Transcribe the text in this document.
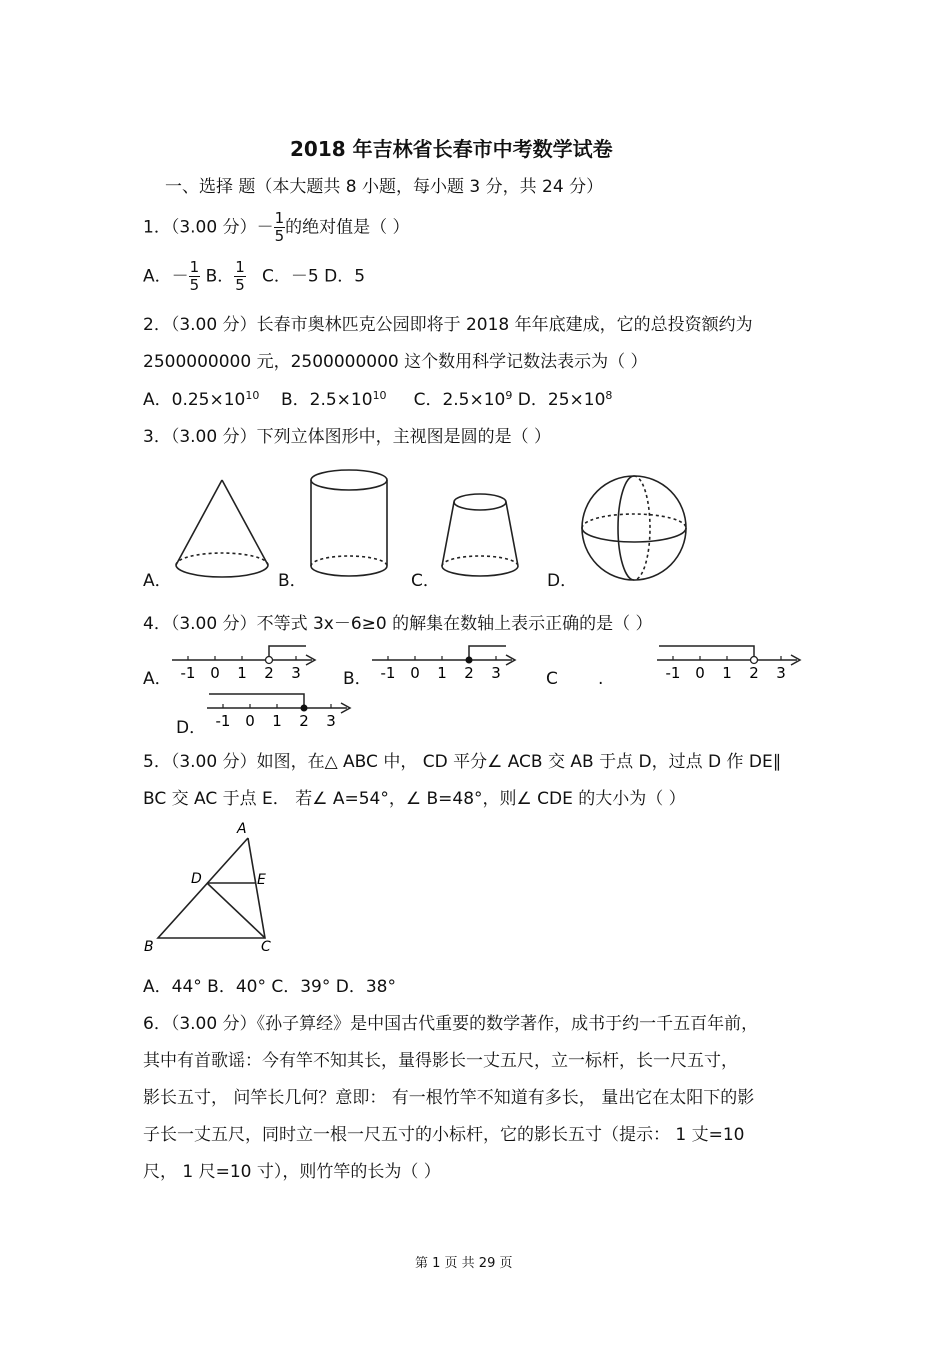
2018 年吉林省长春市中考数学试卷
一、选择 题（本大题共 8 小题，每小题 3 分，共 24 分）
1．（3.00 分）－ $\frac{1}{5}$ 的绝对值是（ ）
A．－ $\frac{1}{5}$ B． $\frac{1}{5}$ C．－5 D．5
2．（3.00 分）长春市奥林匹克公园即将于 2018 年年底建成，它的总投资额约为
2500000000 元，2500000000 这个数用科学记数法表示为（ ）
A．$0.25\times 10^{10}$ B．$2.5\times 10^{10}$ C．$2.5\times 10^9$ D．$25\times 10^8$
3．（3.00 分）下列立体图形中，主视图是圆的是（ ）
A．	B．	C．	D．
4．（3.00 分）不等式 3x－6≥0 的解集在数轴上表示正确的是（ ）
A． -1 0 1 2 3 B． -1 0 1 2 3	C .	-1 0 1 2 3
D． -1 0 1 2 3
5．（3.00 分）如图，在△ ABC 中， CD 平分∠ ACB 交 AB 于点 D，过点 D 作 DE∥
BC 交 AC 于点 E． 若∠ A=54°，∠ B=48°，则∠ CDE 的大小为（ ）
A
B	C
D	E
A．44° B．40° C．39° D．38°
6．（3.00 分）《孙子算经》是中国古代重要的数学著作，成书于约一千五百年前，
其中有首歌谣：今有竿不知其长，量得影长一丈五尺，立一标杆，长一尺五寸，
影长五寸， 问竿长几何？意即： 有一根竹竿不知道有多长， 量出它在太阳下的影
子长一丈五尺，同时立一根一尺五寸的小标杆，它的影长五寸（提示： 1 丈=10
尺， 1 尺=10 寸），则竹竿的长为（ ）
第 1 页 共 29 页
